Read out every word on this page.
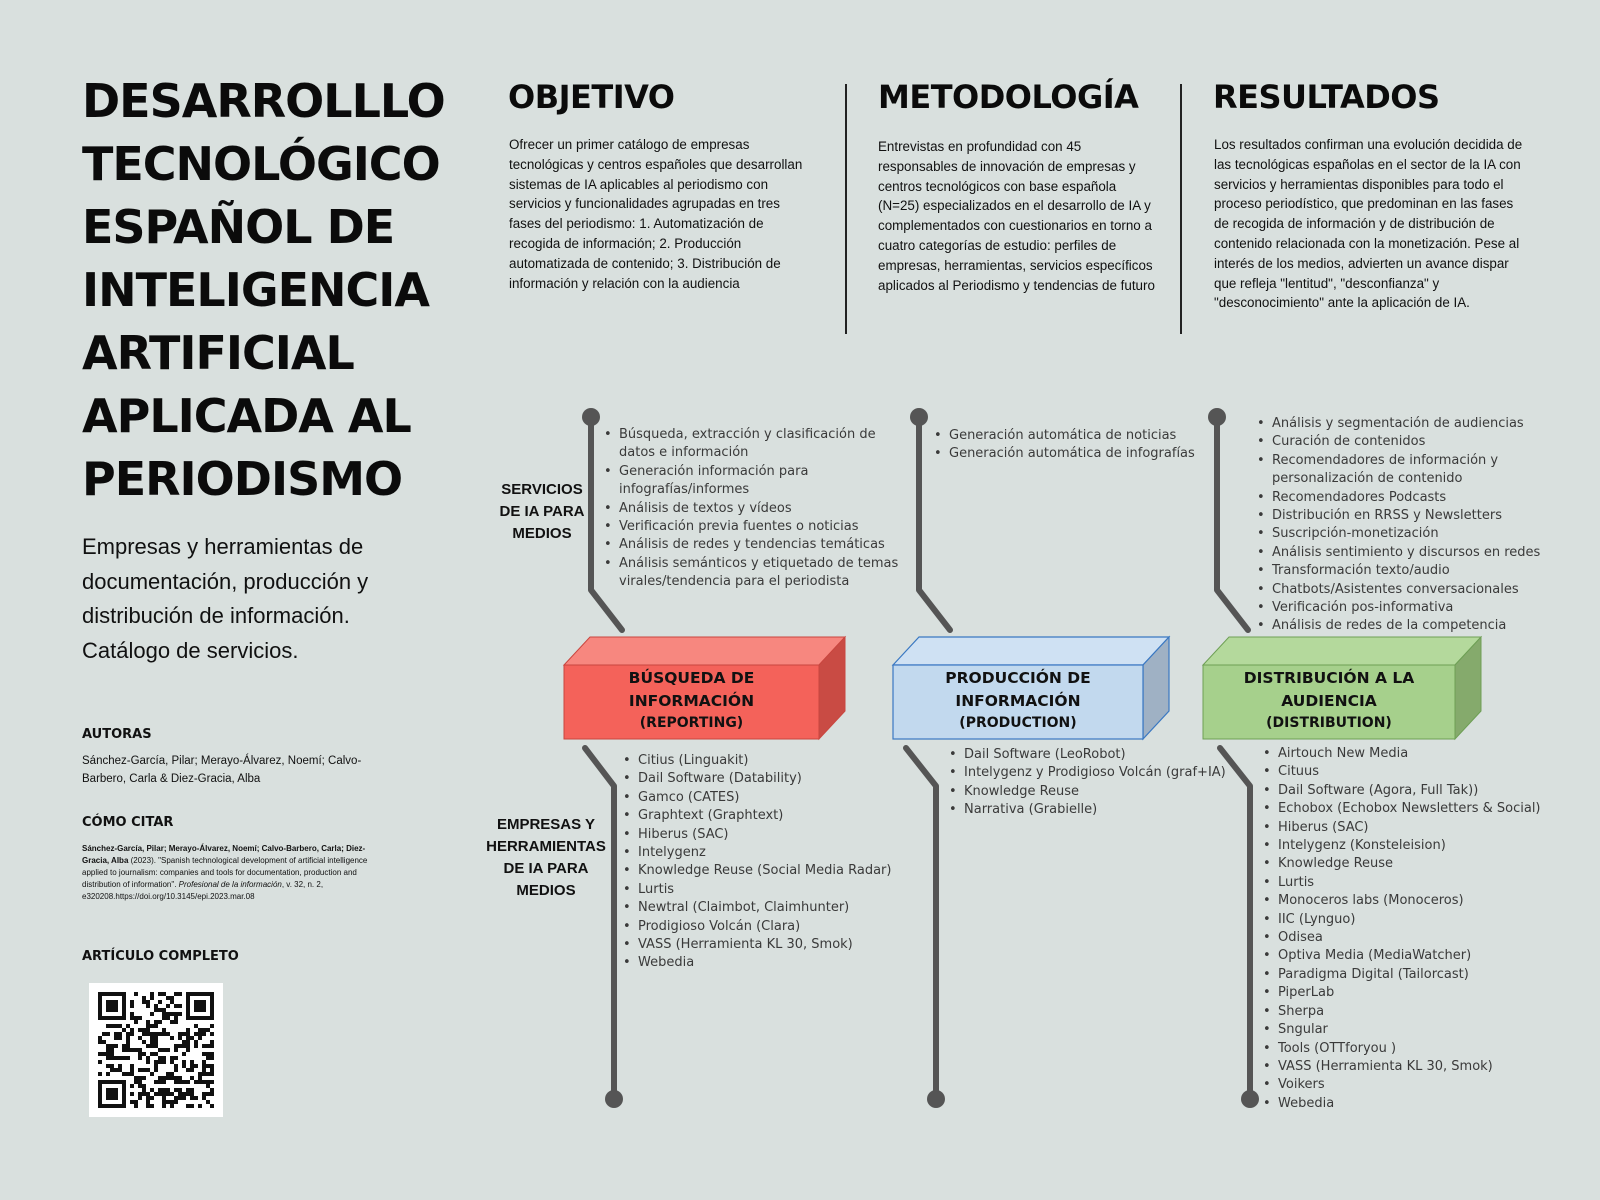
DESARROLLLO TECNOLÓGICO ESPAÑOL DE INTELIGENCIA ARTIFICIAL APLICADA AL PERIODISMO

Empresas y herramientas de documentación, producción y distribución de información. Catálogo de servicios.

AUTORAS

Sánchez-García, Pilar; Merayo-Álvarez, Noemí; Calvo-Barbero, Carla & Diez-Gracia, Alba

CÓMO CITAR

Sánchez-García, Pilar; Merayo-Álvarez, Noemí; Calvo-Barbero, Carla; Diez-Gracia, Alba (2023). "Spanish technological development of artificial intelligence applied to journalism: companies and tools for documentation, production and distribution of information". Profesional de la información, v. 32, n. 2, e320208.https://doi.org/10.3145/epi.2023.mar.08

ARTÍCULO COMPLETO

OBJETIVO

Ofrecer un primer catálogo de empresas tecnológicas y centros españoles que desarrollan sistemas de IA aplicables al periodismo con servicios y funcionalidades agrupadas en tres fases del periodismo: 1. Automatización de recogida de información; 2. Producción automatizada de contenido; 3. Distribución de información y relación con la audiencia

METODOLOGÍA

Entrevistas en profundidad con 45 responsables de innovación de empresas y centros tecnológicos con base española (N=25) especializados en el desarrollo de IA y complementados con cuestionarios en torno a cuatro categorías de estudio: perfiles de empresas, herramientas, servicios específicos aplicados al Periodismo y tendencias de futuro

RESULTADOS

Los resultados confirman una evolución decidida de las tecnológicas españolas en el sector de la IA con servicios y herramientas disponibles para todo el proceso periodístico, que predominan en las fases de recogida de información y de distribución de contenido relacionada con la monetización. Pese al interés de los medios, advierten un avance dispar que refleja "lentitud", "desconfianza" y "desconocimiento" ante la aplicación de IA.

BÚSQUEDA DE INFORMACIÓN
(REPORTING)
PRODUCCIÓN DE INFORMACIÓN
(PRODUCTION)
DISTRIBUCIÓN A LA AUDIENCIA
(DISTRIBUTION)

SERVICIOS DE IA PARA MEDIOS

EMPRESAS Y HERRAMIENTAS DE IA PARA MEDIOS

• Búsqueda, extracción y clasificación de datos e información
• Generación información para infografías/informes
• Análisis de textos y vídeos
• Verificación previa fuentes o noticias
• Análisis de redes y tendencias temáticas
• Análisis semánticos y etiquetado de temas virales/tendencia para el periodista
• Generación automática de noticias
• Generación automática de infografías
• Análisis y segmentación de audiencias
• Curación de contenidos
• Recomendadores de información y personalización de contenido
• Recomendadores Podcasts
• Distribución en RRSS y Newsletters
• Suscripción-monetización
• Análisis sentimiento y discursos en redes
• Transformación texto/audio
• Chatbots/Asistentes conversacionales
• Verificación pos-informativa
• Análisis de redes de la competencia
• Citius (Linguakit)
• Dail Software (Datability)
• Gamco (CATES)
• Graphtext (Graphtext)
• Hiberus (SAC)
• Intelygenz
• Knowledge Reuse (Social Media Radar)
• Lurtis
• Newtral (Claimbot, Claimhunter)
• Prodigioso Volcán (Clara)
• VASS (Herramienta KL 30, Smok)
• Webedia
• Dail Software (LeoRobot)
• Intelygenz y Prodigioso Volcán (graf+IA)
• Knowledge Reuse
• Narrativa (Grabielle)
• Airtouch New Media
• Cituus
• Dail Software (Agora, Full Tak))
• Echobox (Echobox Newsletters & Social)
• Hiberus (SAC)
• Intelygenz (Konsteleision)
• Knowledge Reuse
• Lurtis
• Monoceros labs (Monoceros)
• IIC (Lynguo)
• Odisea
• Optiva Media (MediaWatcher)
• Paradigma Digital (Tailorcast)
• PiperLab
• Sherpa
• Sngular
• Tools (OTTforyou )
• VASS (Herramienta KL 30, Smok)
• Voikers
• Webedia
